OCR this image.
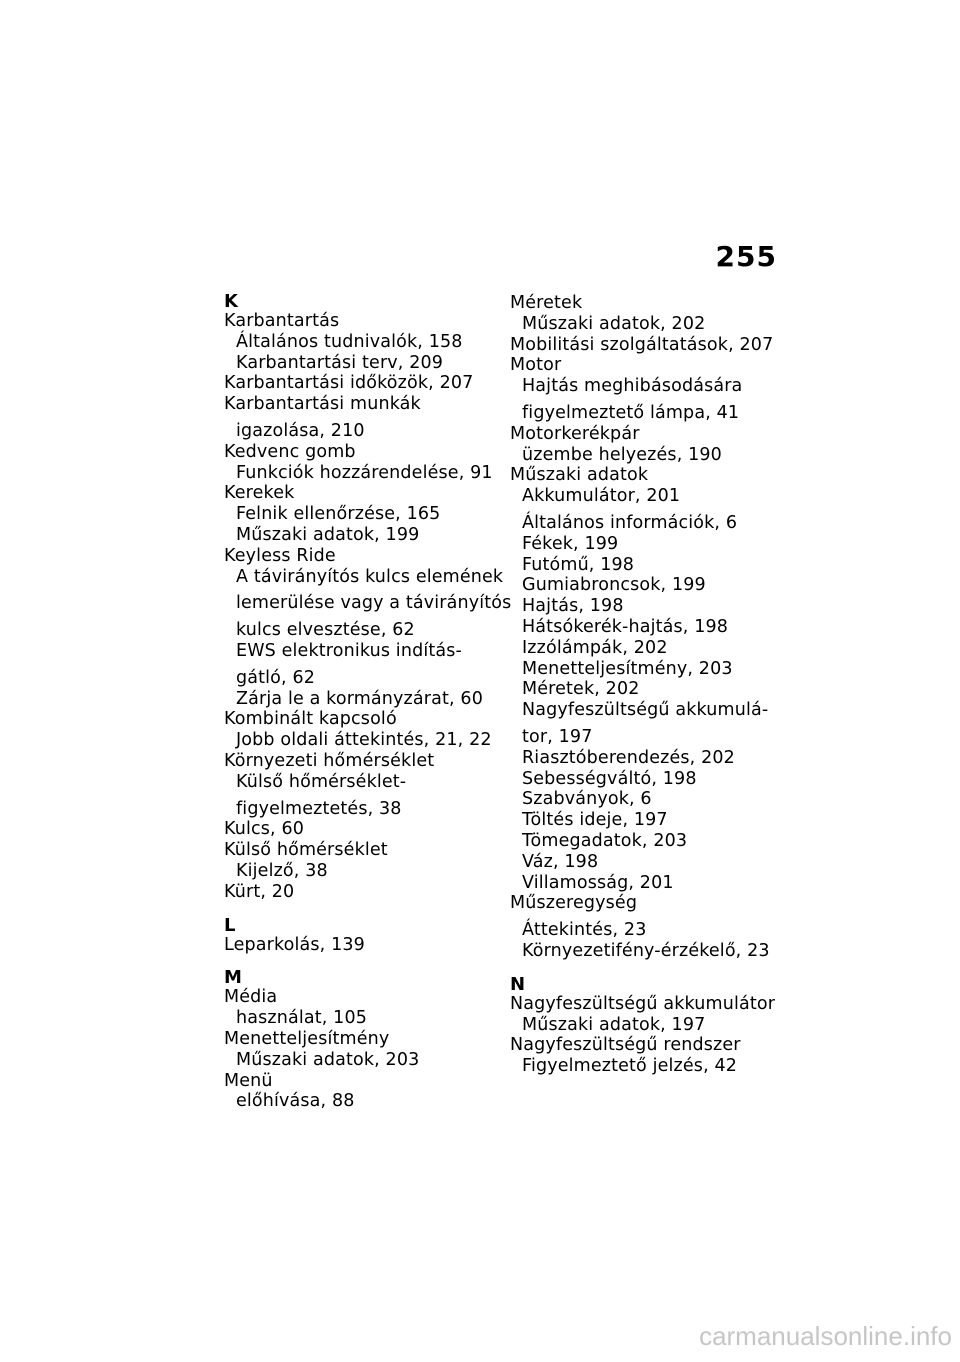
255
K
Karbantartás
Általános tudnivalók, 158
Karbantartási terv, 209
Karbantartási időközök, 207
Karbantartási munkák
igazolása, 210
Kedvenc gomb
Funkciók hozzárendelése, 91
Kerekek
Felnik ellenőrzése, 165
Műszaki adatok, 199
Keyless Ride
A távirányítós kulcs elemének
lemerülése vagy a távirányítós
kulcs elvesztése, 62
EWS elektronikus indítás-
gátló, 62
Zárja le a kormányzárat, 60
Kombinált kapcsoló
Jobb oldali áttekintés, 21, 22
Környezeti hőmérséklet
Külső hőmérséklet-
figyelmeztetés, 38
Kulcs, 60
Külső hőmérséklet
Kijelző, 38
Kürt, 20
L
Leparkolás, 139
M
Média
használat, 105
Menetteljesítmény
Műszaki adatok, 203
Menü
előhívása, 88
Méretek
Műszaki adatok, 202
Mobilitási szolgáltatások, 207
Motor
Hajtás meghibásodására
figyelmeztető lámpa, 41
Motorkerékpár
üzembe helyezés, 190
Műszaki adatok
Akkumulátor, 201
Általános információk, 6
Fékek, 199
Futómű, 198
Gumiabroncsok, 199
Hajtás, 198
Hátsókerék-hajtás, 198
Izzólámpák, 202
Menetteljesítmény, 203
Méretek, 202
Nagyfeszültségű akkumulá-
tor, 197
Riasztóberendezés, 202
Sebességváltó, 198
Szabványok, 6
Töltés ideje, 197
Tömegadatok, 203
Váz, 198
Villamosság, 201
Műszeregység
Áttekintés, 23
Környezetifény-érzékelő, 23
N
Nagyfeszültségű akkumulátor
Műszaki adatok, 197
Nagyfeszültségű rendszer
Figyelmeztető jelzés, 42
carmanualsonline.info
